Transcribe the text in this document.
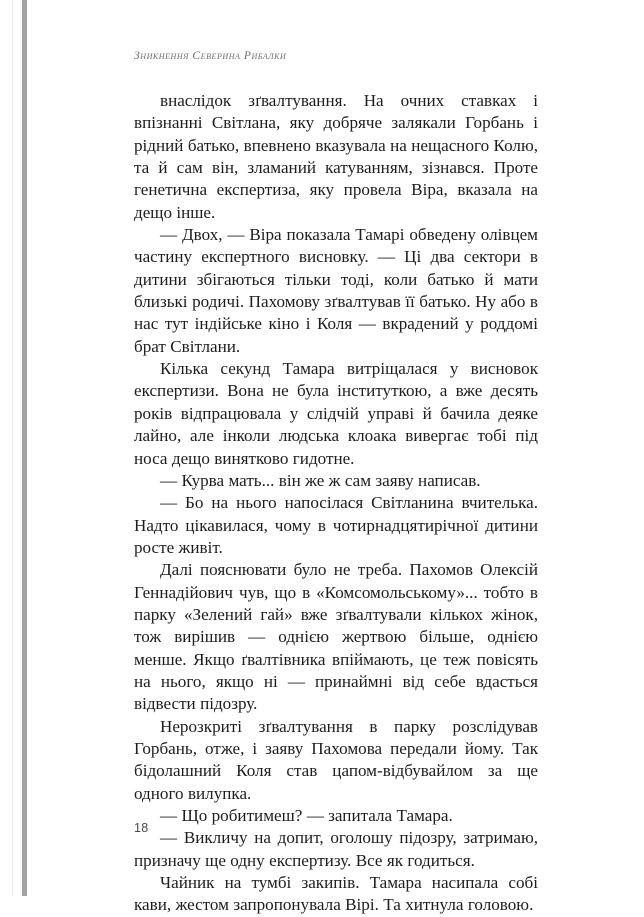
Зникнення Северина Рибалки

внаслідок зґвалтування. На очних ставках і впізнанні Світлана, яку добряче залякали Горбань і рідний батько, впевнено вказувала на нещасного Колю, та й сам він, зламаний катуванням, зізнався. Проте генетична експертиза, яку провела Віра, вказала на дещо інше.

— Двох, — Віра показала Тамарі обведену олівцем частину експертного висновку. — Ці два сектори в дитини збігаються тільки тоді, коли батько й мати близькі родичі. Пахомову зґвалтував її батько. Ну або в нас тут індійське кіно і Коля — вкрадений у роддомі брат Світлани.

Кілька секунд Тамара витріщалася у висновок експертизи. Вона не була інституткою, а вже десять років відпрацювала у слідчій управі й бачила деяке лайно, але інколи людська клоака вивергає тобі під носа дещо винятково гидотне.

— Курва мать... він же ж сам заяву написав.

— Бо на нього напосілася Світланина вчителька. Надто цікавилася, чому в чотирнадцятирічної дитини росте живіт.

Далі пояснювати було не треба. Пахомов Олексій Геннадійович чув, що в «Комсомольському»... тобто в парку «Зелений гай» вже зґвалтували кількох жінок, тож вирішив — однією жертвою більше, однією менше. Якщо ґвалтівника впіймають, це теж повісять на нього, якщо ні — принаймні від себе вдасться відвести підозру.

Нерозкриті зґвалтування в парку розслідував Горбань, отже, і заяву Пахомова передали йому. Так бідолашний Коля став цапом-відбувайлом за ще одного вилупка.

— Що робитимеш? — запитала Тамара.

— Викличу на допит, оголошу підозру, затримаю, призначу ще одну експертизу. Все як годиться.

Чайник на тумбі закипів. Тамара насипала собі кави, жестом запропонувала Вірі. Та хитнула головою.

18
